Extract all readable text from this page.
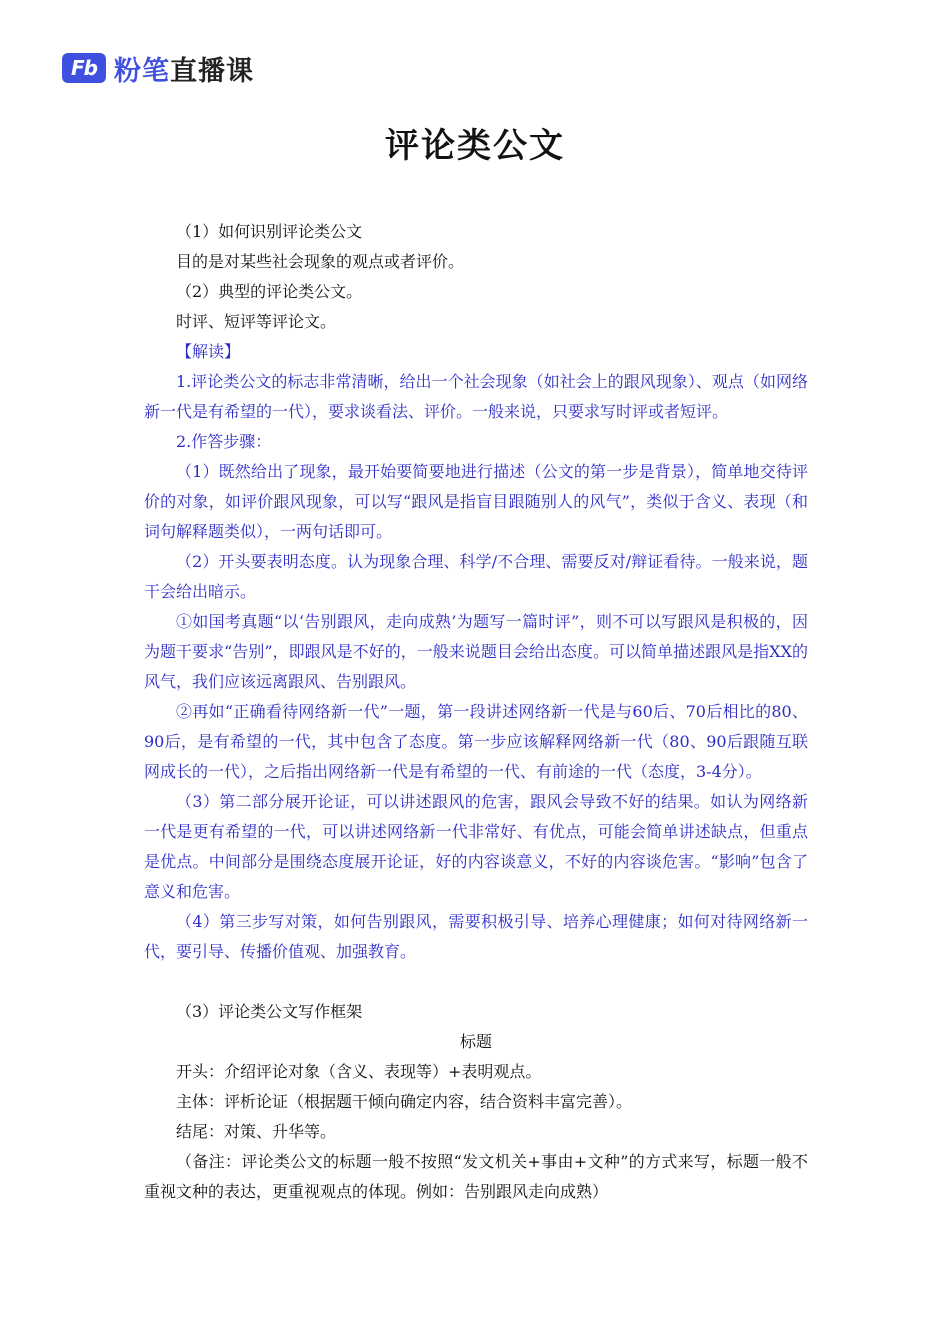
Fb 粉笔直播课
评论类公文

（1）如何识别评论类公文

目的是对某些社会现象的观点或者评价。

（2）典型的评论类公文。

时评、短评等评论文。

【解读】

1.评论类公文的标志非常清晰，给出一个社会现象（如社会上的跟风现象）、观点（如网络新一代是有希望的一代），要求谈看法、评价。一般来说，只要求写时评或者短评。

2.作答步骤：

（1）既然给出了现象，最开始要简要地进行描述（公文的第一步是背景），简单地交待评价的对象，如评价跟风现象，可以写“跟风是指盲目跟随别人的风气”，类似于含义、表现（和词句解释题类似），一两句话即可。

（2）开头要表明态度。认为现象合理、科学/不合理、需要反对/辩证看待。一般来说，题干会给出暗示。

①如国考真题“以‘告别跟风，走向成熟’为题写一篇时评”，则不可以写跟风是积极的，因为题干要求“告别”，即跟风是不好的，一般来说题目会给出态度。可以简单描述跟风是指XX的风气，我们应该远离跟风、告别跟风。

②再如“正确看待网络新一代”一题，第一段讲述网络新一代是与60后、70后相比的80、90后，是有希望的一代，其中包含了态度。第一步应该解释网络新一代（80、90后跟随互联网成长的一代），之后指出网络新一代是有希望的一代、有前途的一代（态度，3-4分）。

（3）第二部分展开论证，可以讲述跟风的危害，跟风会导致不好的结果。如认为网络新一代是更有希望的一代，可以讲述网络新一代非常好、有优点，可能会简单讲述缺点，但重点是优点。中间部分是围绕态度展开论证，好的内容谈意义，不好的内容谈危害。“影响”包含了意义和危害。

（4）第三步写对策，如何告别跟风，需要积极引导、培养心理健康；如何对待网络新一代，要引导、传播价值观、加强教育。

（3）评论类公文写作框架

标题

开头：介绍评论对象（含义、表现等）+表明观点。

主体：评析论证（根据题干倾向确定内容，结合资料丰富完善）。

结尾：对策、升华等。

（备注：评论类公文的标题一般不按照“发文机关+事由+文种”的方式来写，标题一般不重视文种的表达，更重视观点的体现。例如：告别跟风走向成熟）
